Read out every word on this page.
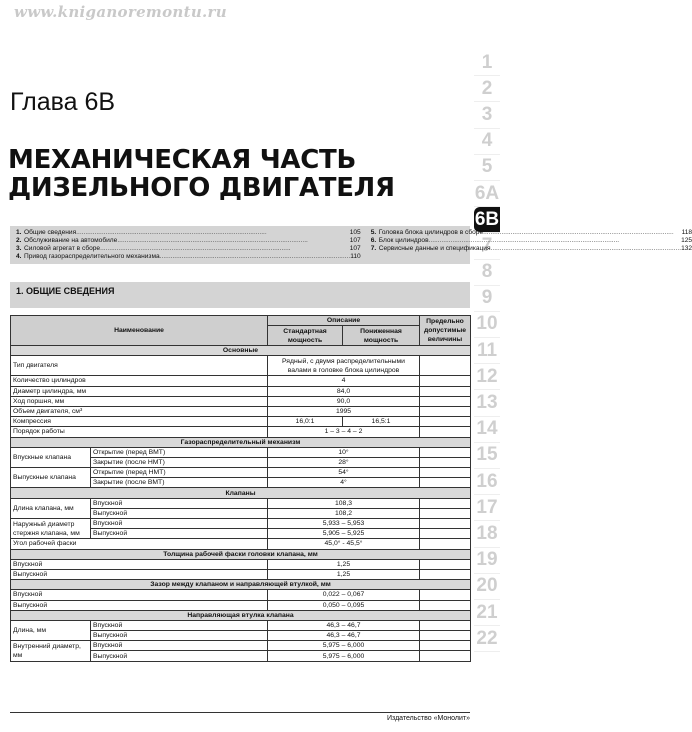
www.kniganoremontu.ru
1
2
3
4
5
6A
6B
7
8
9
10
11
12
13
14
15
16
17
18
19
20
21
22
Глава 6В
МЕХАНИЧЕСКАЯ ЧАСТЬ
ДИЗЕЛЬНОГО ДВИГАТЕЛЯ
1. Общие сведения .....	105
2. Обслуживание на автомобиле .....	107
3. Силовой агрегат в сборе .....	107
4. Привод газораспределительного механизма .....	110
5. Головка блока цилиндров в сборе .....	118
6. Блок цилиндров .....	125
7. Сервисные данные и спецификация .....	132
1. ОБЩИЕ СВЕДЕНИЯ
Наименование		Описание		Предельно допустимые величины
		Стандартная мощность	Пониженная мощность	
Основные				
Тип двигателя		Рядный, с двумя распределительными валами в головке блока цилиндров		
Количество цилиндров		4		
Диаметр цилиндра, мм		84,0		
Ход поршня, мм		90,0		
Объем двигателя, см³		1995		
Компрессия		16,0:1	16,5:1	
Порядок работы		1 – 3 – 4 – 2		
Газораспределительный механизм				
Впускные клапана	Открытие (перед ВМТ)	10°		
	Закрытие (после НМТ)	28°		
Выпускные клапана	Открытие (перед НМТ)	54°		
	Закрытие (после ВМТ)	4°		
Клапаны				
Длина клапана, мм	Впускной	108,3		
	Выпускной	108,2		
Наружный диаметр стержня клапана, мм	Впускной	5,933 – 5,953		
	Выпускной	5,905 – 5,925		
Угол рабочей фаски		45,0° - 45,5°		
Толщина рабочей фаски головки клапана, мм				
Впускной		1,25		
Выпускной		1,25		
Зазор между клапаном и направляющей втулкой, мм				
Впускной		0,022 – 0,067		
Выпускной		0,050 – 0,095		
Направляющая втулка клапана				
Длина, мм	Впускной	46,3 – 46,7		
	Выпускной	46,3 – 46,7		
Внутренний диаметр, мм	Впускной	5,975 – 6,000		
	Выпускной	5,975 – 6,000		
Издательство «Монолит»
